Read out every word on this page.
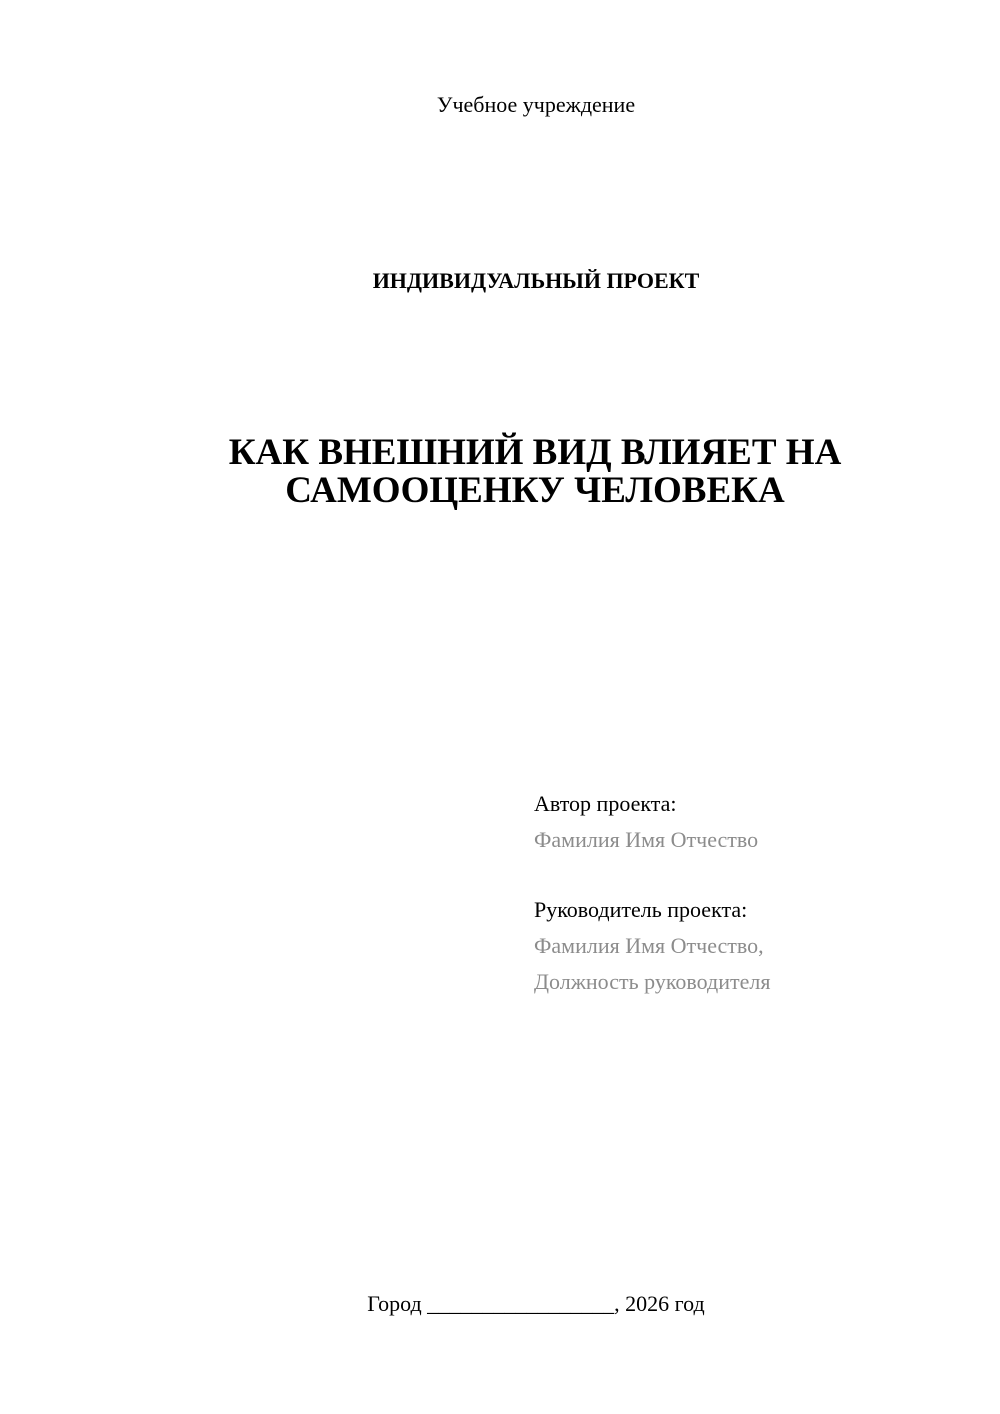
Учебное учреждение
ИНДИВИДУАЛЬНЫЙ ПРОЕКТ
КАК ВНЕШНИЙ ВИД ВЛИЯЕТ НА
САМООЦЕНКУ ЧЕЛОВЕКА
Автор проекта:
Фамилия Имя Отчество
Руководитель проекта:
Фамилия Имя Отчество,
Должность руководителя
Город _________________, 2026 год
